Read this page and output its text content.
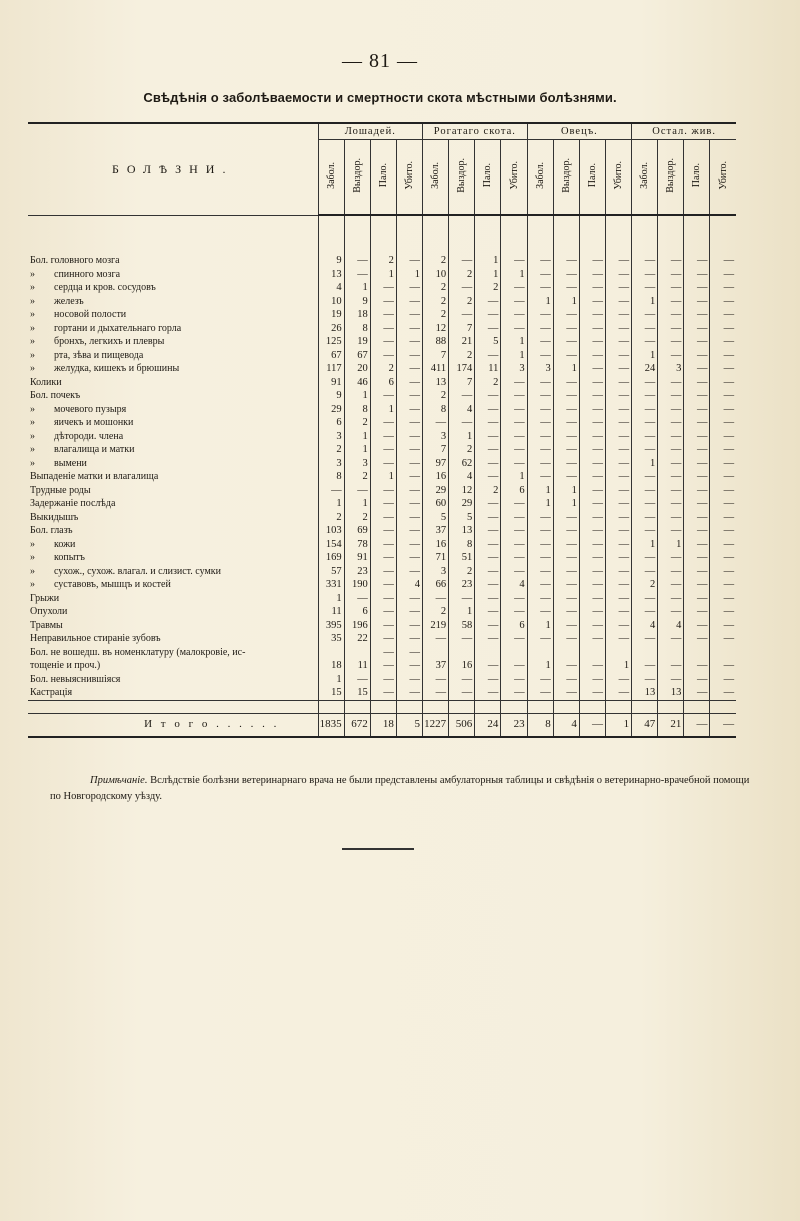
— 81 —
Свѣдѣнія о заболѣваемости и смертности скота мѣстными болѣзнями.
БОЛѢЗНИ.	Лошадей.				Рогатаго скота.				Овецъ.				Остал. жив.			
	Забол.	Выздор.	Пало.	Убито.	Забол.	Выздор.	Пало.	Убито.	Забол.	Выздор.	Пало.	Убито.	Забол.	Выздор.	Пало.	Убито.

Бол. головного мозга	9	—	2	—	2	—	1	—	—	—	—	—	—	—	—	—
» спинного мозга	13	—	1	1	10	2	1	1	—	—	—	—	—	—	—	—
» сердца и кров. сосудовъ	4	1	—	—	2	—	2	—	—	—	—	—	—	—	—	—
» железъ	10	9	—	—	2	2	—	—	1	1	—	—	1	—	—	—
» носовой полости	19	18	—	—	2	—	—	—	—	—	—	—	—	—	—	—
» гортани и дыхательнаго горла	26	8	—	—	12	7	—	—	—	—	—	—	—	—	—	—
» бронхъ, легкихъ и плевры	125	19	—	—	88	21	5	1	—	—	—	—	—	—	—	—
» рта, зѣва и пищевода	67	67	—	—	7	2	—	1	—	—	—	—	1	—	—	—
» желудка, кишекъ и брюшины	117	20	2	—	411	174	11	3	3	1	—	—	24	3	—	—
Колики	91	46	6	—	13	7	2	—	—	—	—	—	—	—	—	—
Бол. почекъ	9	1	—	—	2	—	—	—	—	—	—	—	—	—	—	—
» мочевого пузыря	29	8	1	—	8	4	—	—	—	—	—	—	—	—	—	—
» яичекъ и мошонки	6	2	—	—	—	—	—	—	—	—	—	—	—	—	—	—
» дѣтороди. члена	3	1	—	—	3	1	—	—	—	—	—	—	—	—	—	—
» влагалища и матки	2	1	—	—	7	2	—	—	—	—	—	—	—	—	—	—
» вымени	3	3	—	—	97	62	—	—	—	—	—	—	1	—	—	—
Выпаденіе матки и влагалища	8	2	1	—	16	4	—	1	—	—	—	—	—	—	—	—
Трудные роды	—	—	—	—	29	12	2	6	1	1	—	—	—	—	—	—
Задержаніе послѣда	1	1	—	—	60	29	—	—	1	1	—	—	—	—	—	—
Выкидышъ	2	2	—	—	5	5	—	—	—	—	—	—	—	—	—	—
Бол. глазъ	103	69	—	—	37	13	—	—	—	—	—	—	—	—	—	—
» кожи	154	78	—	—	16	8	—	—	—	—	—	—	1	1	—	—
» копытъ	169	91	—	—	71	51	—	—	—	—	—	—	—	—	—	—
» сухож., сухож. влагал. и слизист. сумки	57	23	—	—	3	2	—	—	—	—	—	—	—	—	—	—
» суставовъ, мышцъ и костей	331	190	—	4	66	23	—	4	—	—	—	—	2	—	—	—
Грыжи	1	—	—	—	—	—	—	—	—	—	—	—	—	—	—	—
Опухоли	11	6	—	—	2	1	—	—	—	—	—	—	—	—	—	—
Травмы	395	196	—	—	219	58	—	6	1	—	—	—	4	4	—	—
Неправильное стираніе зубовъ	35	22	—	—	—	—	—	—	—	—	—	—	—	—	—	—
Бол. не вошедш. въ номенклатуру (малокровіе, ис-			—	—												
тощеніе и проч.)	18	11	—	—	37	16	—	—	1	—	—	1	—	—	—	—
Бол. невыяснившіяся	1	—	—	—	—	—	—	—	—	—	—	—	—	—	—	—
Кастрація	15	15	—	—	—	—	—	—	—	—	—	—	13	13	—	—

И т о г о . . . . . .	1835	672	18	5	1227	506	24	23	8	4	—	1	47	21	—	—
Примѣчаніе. Вслѣдствіе болѣзни ветеринарнаго врача не были представлены амбулаторныя таблицы и свѣдѣнія о ветеринарно-врачебной помощи по Новгородскому уѣзду.
